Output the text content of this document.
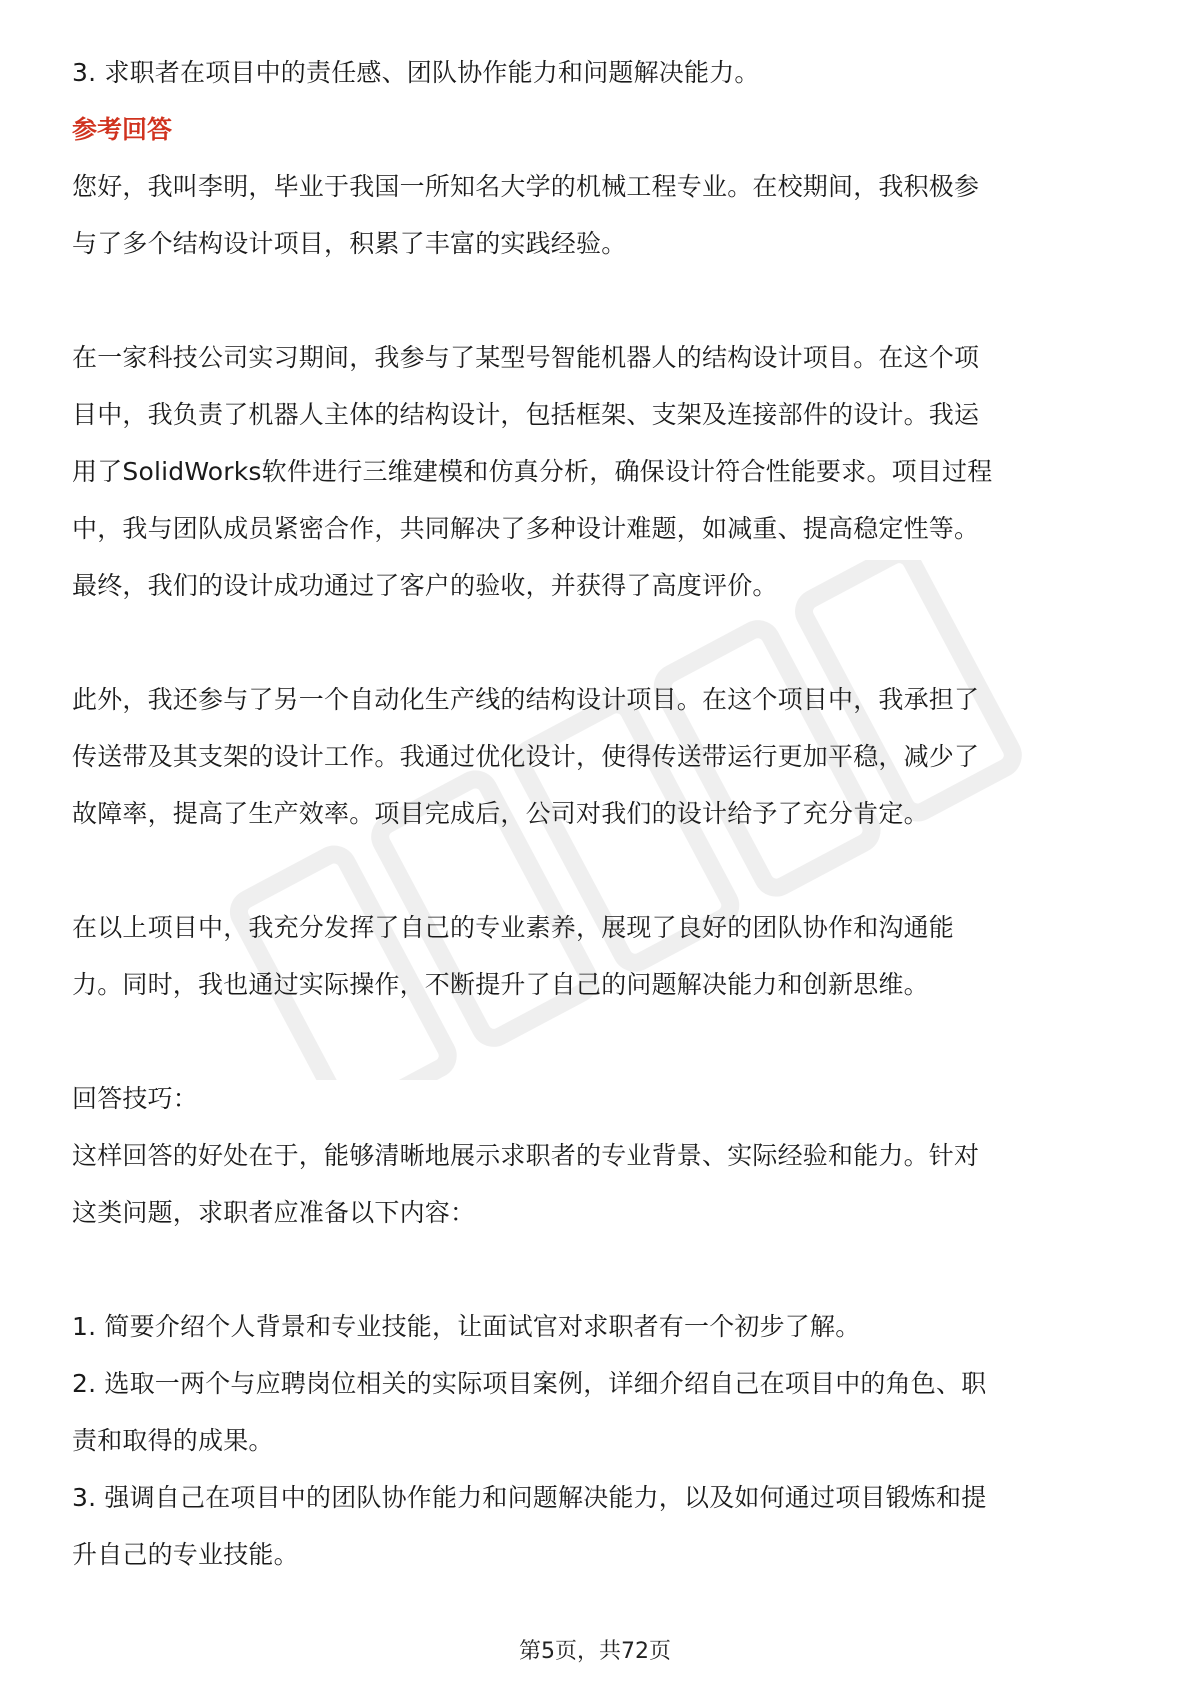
3. 求职者在项目中的责任感、团队协作能力和问题解决能力。
参考回答
您好，我叫李明，毕业于我国一所知名大学的机械工程专业。在校期间，我积极参
与了多个结构设计项目，积累了丰富的实践经验。
在一家科技公司实习期间，我参与了某型号智能机器人的结构设计项目。在这个项
目中，我负责了机器人主体的结构设计，包括框架、支架及连接部件的设计。我运
用了SolidWorks软件进行三维建模和仿真分析，确保设计符合性能要求。项目过程
中，我与团队成员紧密合作，共同解决了多种设计难题，如减重、提高稳定性等。
最终，我们的设计成功通过了客户的验收，并获得了高度评价。
此外，我还参与了另一个自动化生产线的结构设计项目。在这个项目中，我承担了
传送带及其支架的设计工作。我通过优化设计，使得传送带运行更加平稳，减少了
故障率，提高了生产效率。项目完成后，公司对我们的设计给予了充分肯定。
在以上项目中，我充分发挥了自己的专业素养，展现了良好的团队协作和沟通能
力。同时，我也通过实际操作，不断提升了自己的问题解决能力和创新思维。
回答技巧：
这样回答的好处在于，能够清晰地展示求职者的专业背景、实际经验和能力。针对
这类问题，求职者应准备以下内容：
1. 简要介绍个人背景和专业技能，让面试官对求职者有一个初步了解。
2. 选取一两个与应聘岗位相关的实际项目案例，详细介绍自己在项目中的角色、职
责和取得的成果。
3. 强调自己在项目中的团队协作能力和问题解决能力，以及如何通过项目锻炼和提
升自己的专业技能。
第5页，共72页
